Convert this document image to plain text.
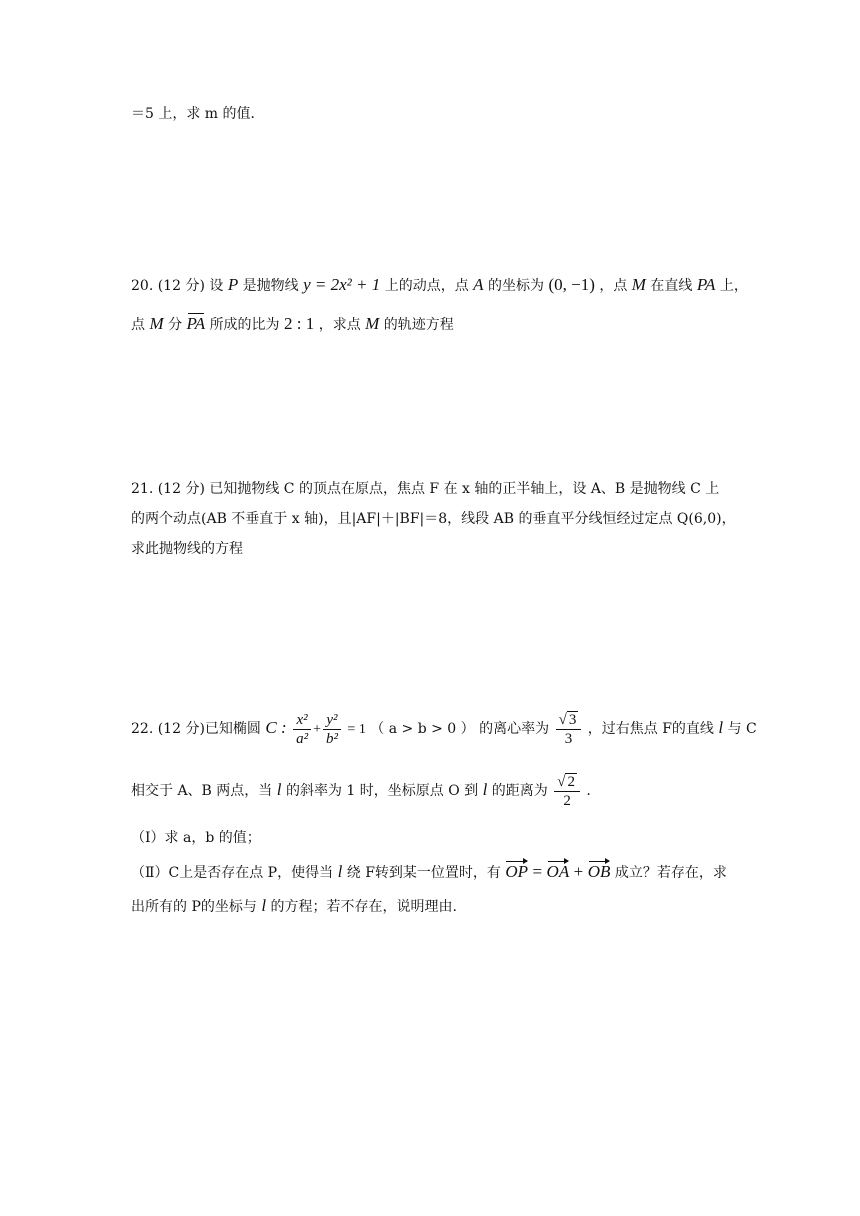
＝5 上，求 m 的值．
20. (12 分) 设 P 是抛物线 y = 2x² + 1 上的动点，点 A 的坐标为 (0, −1) ，点 M 在直线 PA 上，
点 M 分 PA 所成的比为 2 : 1 ，求点 M 的轨迹方程
21. (12 分) 已知抛物线 C 的顶点在原点，焦点 F 在 x 轴的正半轴上，设 A、B 是抛物线 C 上
的两个动点(AB 不垂直于 x 轴)，且|AF|＋|BF|＝8，线段 AB 的垂直平分线恒经过定点 Q(6,0)，
求此抛物线的方程
22. (12 分)已知椭圆 C : $\frac{\text{x²}}{\text{a²}} + \frac{\text{y²}}{\text{b²}} = 1$ （ a > b > 0 ） 的离心率为 $\frac{√ 3}{3}$ ，过右焦点 F的直线 l 与 C
相交于 A、B 两点，当 l 的斜率为 1 时，坐标原点 O 到 l 的距离为 $\frac{√ 2}{2}$ .
（Ⅰ）求 a，b 的值；
（Ⅱ）C上是否存在点 P，使得当 l 绕 F转到某一位置时，有 OP = OA + OB 成立？若存在，求
出所有的 P的坐标与 l 的方程；若不存在，说明理由.
